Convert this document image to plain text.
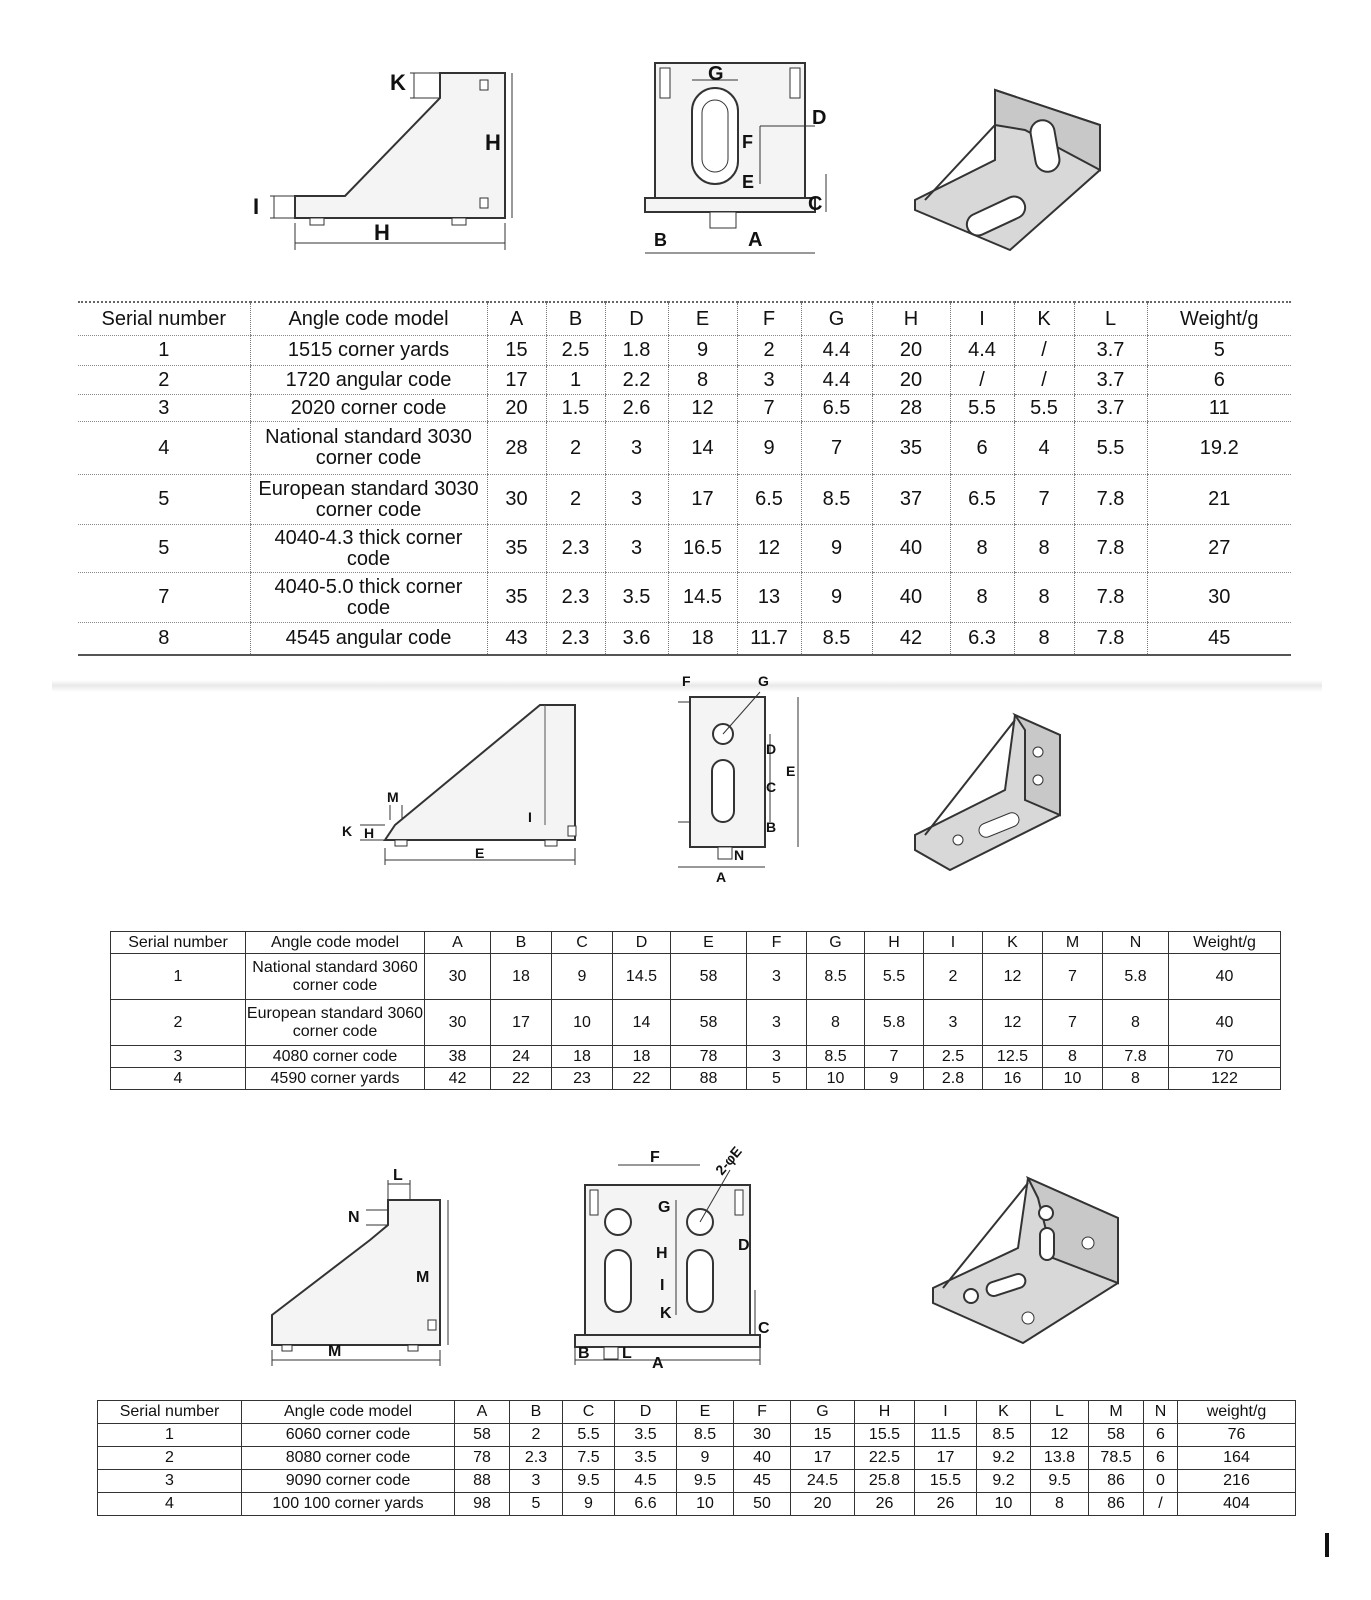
K
H
I
H
G
D
F
E
C
B	A
Serial number	Angle code model	A	B	D	E	F	G	H	I	K	L	Weight/g
1	1515 corner yards	15	2.5	1.8	9	2	4.4	20	4.4	/	3.7	5
2	1720 angular code	17	1	2.2	8	3	4.4	20	/	/	3.7	6
3	2020 corner code	20	1.5	2.6	12	7	6.5	28	5.5	5.5	3.7	11
4	National standard 3030 corner code	28	2	3	14	9	7	35	6	4	5.5	19.2
5	European standard 3030 corner code	30	2	3	17	6.5	8.5	37	6.5	7	7.8	21
5	4040-4.3 thick corner code	35	2.3	3	16.5	12	9	40	8	8	7.8	27
7	4040-5.0 thick corner code	35	2.3	3.5	14.5	13	9	40	8	8	7.8	30
8	4545 angular code	43	2.3	3.6	18	11.7	8.5	42	6.3	8	7.8	45
M
K H
I
E
F	G
D
E
C
B
N
A
Serial number	Angle code model	A	B	C	D	E	F	G	H	I	K	M	N	Weight/g
1	National standard 3060 corner code	30	18	9	14.5	58	3	8.5	5.5	2	12	7	5.8	40
2	European standard 3060 corner code	30	17	10	14	58	3	8	5.8	3	12	7	8	40
3	4080 corner code	38	24	18	18	78	3	8.5	7	2.5	12.5	8	7.8	70
4	4590 corner yards	42	22	23	22	88	5	10	9	2.8	16	10	8	122
L
N
M
M
F	2-φE
G
D
H
I
K
C
B L
A
Serial number	Angle code model	A	B	C	D	E	F	G	H	I	K	L	M	N	weight/g
1	6060 corner code	58	2	5.5	3.5	8.5	30	15	15.5	11.5	8.5	12	58	6	76
2	8080 corner code	78	2.3	7.5	3.5	9	40	17	22.5	17	9.2	13.8	78.5	6	164
3	9090 corner code	88	3	9.5	4.5	9.5	45	24.5	25.8	15.5	9.2	9.5	86	0	216
4	100 100 corner yards	98	5	9	6.6	10	50	20	26	26	10	8	86	/	404
